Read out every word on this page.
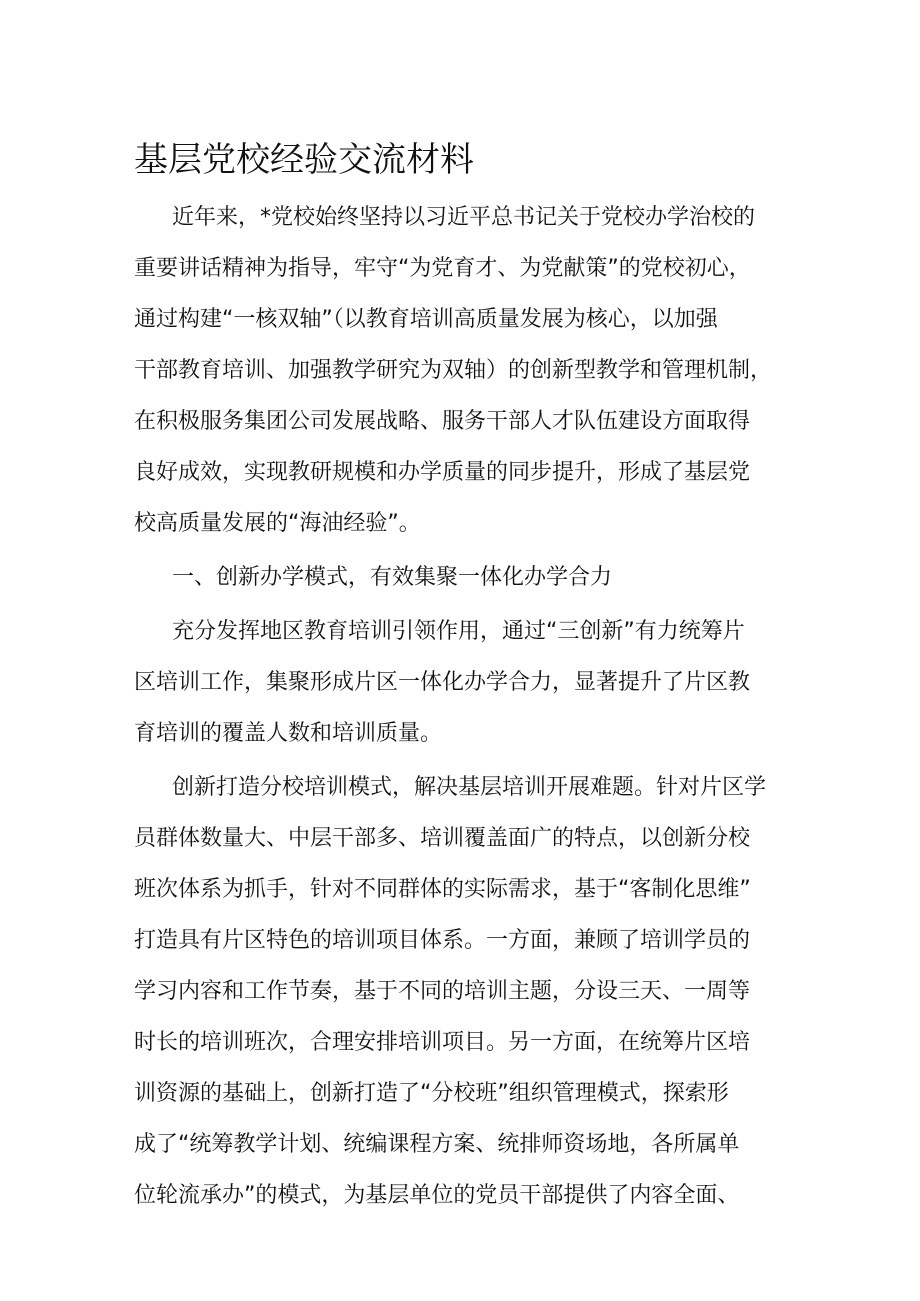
基层党校经验交流材料
近年来，*党校始终坚持以习近平总书记关于党校办学治校的
重要讲话精神为指导，牢守“为党育才、为党献策”的党校初心，
通过构建“一核双轴”（以教育培训高质量发展为核心，以加强
干部教育培训、加强教学研究为双轴）的创新型教学和管理机制，
在积极服务集团公司发展战略、服务干部人才队伍建设方面取得
良好成效，实现教研规模和办学质量的同步提升，形成了基层党
校高质量发展的“海油经验”。
一、创新办学模式，有效集聚一体化办学合力
充分发挥地区教育培训引领作用，通过“三创新”有力统筹片
区培训工作，集聚形成片区一体化办学合力，显著提升了片区教
育培训的覆盖人数和培训质量。
创新打造分校培训模式，解决基层培训开展难题。针对片区学
员群体数量大、中层干部多、培训覆盖面广的特点，以创新分校
班次体系为抓手，针对不同群体的实际需求，基于“客制化思维”
打造具有片区特色的培训项目体系。一方面，兼顾了培训学员的
学习内容和工作节奏，基于不同的培训主题，分设三天、一周等
时长的培训班次，合理安排培训项目。另一方面，在统筹片区培
训资源的基础上，创新打造了“分校班”组织管理模式，探索形
成了“统筹教学计划、统编课程方案、统排师资场地，各所属单
位轮流承办”的模式，为基层单位的党员干部提供了内容全面、
